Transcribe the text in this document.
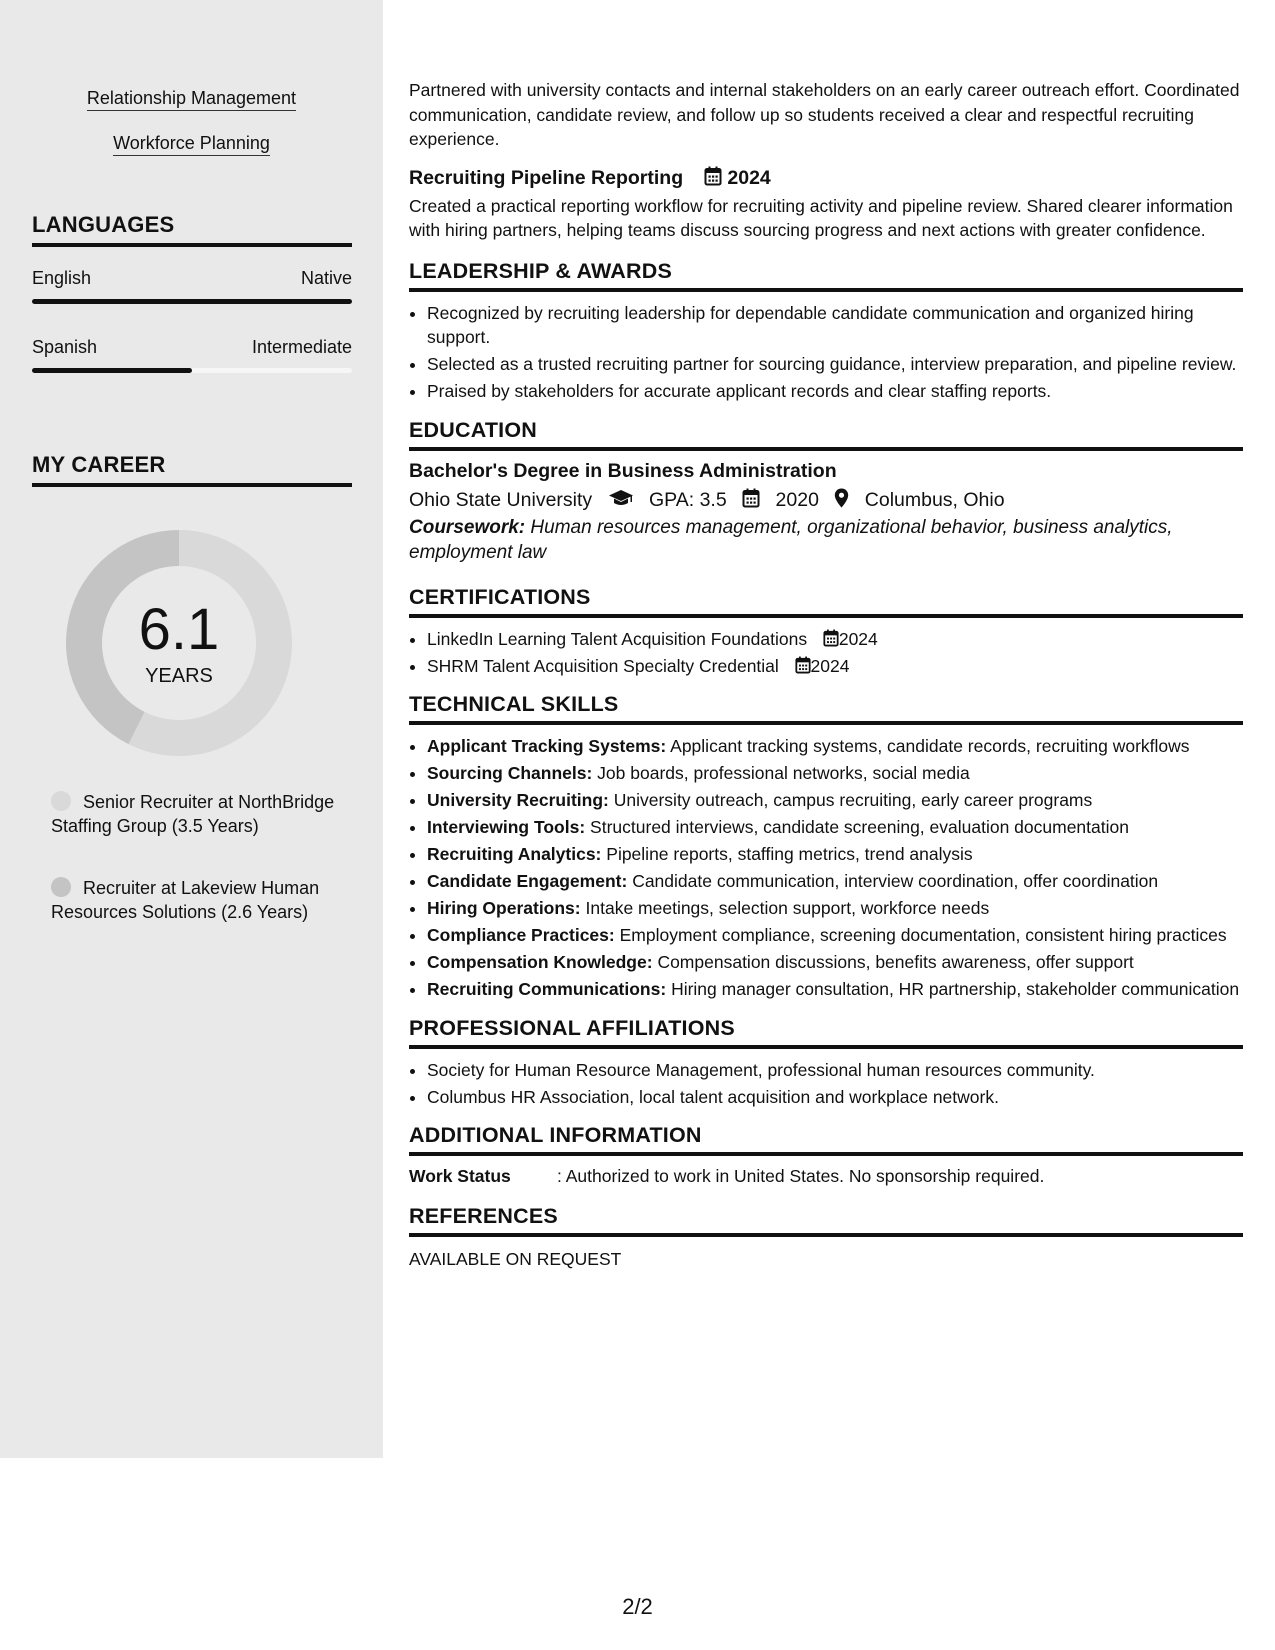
Relationship Management
Workforce Planning
LANGUAGES
English	Native
Spanish	Intermediate
MY CAREER
6.1
YEARS
Senior Recruiter at NorthBridge Staffing Group (3.5 Years)
Recruiter at Lakeview Human Resources Solutions (2.6 Years)

Partnered with university contacts and internal stakeholders on an early career outreach effort. Coordinated communication, candidate review, and follow up so students received a clear and respectful recruiting experience.

Recruiting Pipeline Reporting 2024

Created a practical reporting workflow for recruiting activity and pipeline review. Shared clearer information with hiring partners, helping teams discuss sourcing progress and next actions with greater confidence.

LEADERSHIP & AWARDS
• Recognized by recruiting leadership for dependable candidate communication and organized hiring support.
• Selected as a trusted recruiting partner for sourcing guidance, interview preparation, and pipeline review.
• Praised by stakeholders for accurate applicant records and clear staffing reports.
EDUCATION

Bachelor's Degree in Business Administration

Ohio State University	GPA: 3.5	2020 Columbus, Ohio

Coursework: Human resources management, organizational behavior, business analytics, employment law

CERTIFICATIONS
• LinkedIn Learning Talent Acquisition Foundations 2024
• SHRM Talent Acquisition Specialty Credential 2024
TECHNICAL SKILLS
• Applicant Tracking Systems: Applicant tracking systems, candidate records, recruiting workflows
• Sourcing Channels: Job boards, professional networks, social media
• University Recruiting: University outreach, campus recruiting, early career programs
• Interviewing Tools: Structured interviews, candidate screening, evaluation documentation
• Recruiting Analytics: Pipeline reports, staffing metrics, trend analysis
• Candidate Engagement: Candidate communication, interview coordination, offer coordination
• Hiring Operations: Intake meetings, selection support, workforce needs
• Compliance Practices: Employment compliance, screening documentation, consistent hiring practices
• Compensation Knowledge: Compensation discussions, benefits awareness, offer support
• Recruiting Communications: Hiring manager consultation, HR partnership, stakeholder communication
PROFESSIONAL AFFILIATIONS
• Society for Human Resource Management, professional human resources community.
• Columbus HR Association, local talent acquisition and workplace network.
ADDITIONAL INFORMATION
Work Status	: Authorized to work in United States. No sponsorship required.
REFERENCES
AVAILABLE ON REQUEST
2/2
